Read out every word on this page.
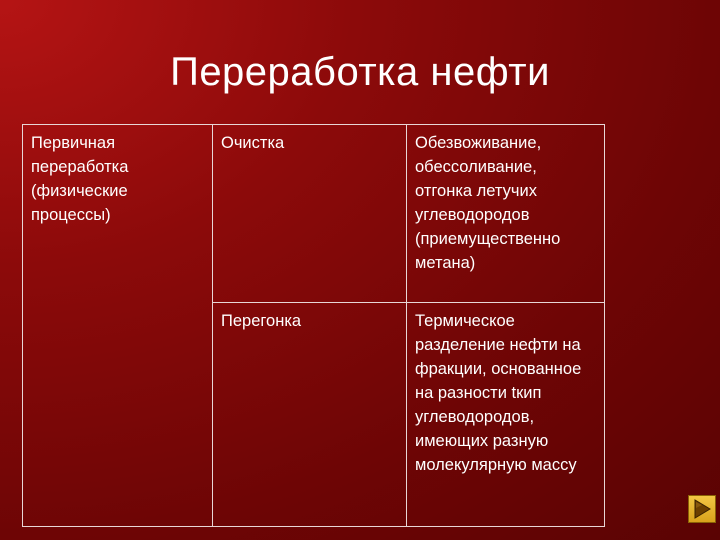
Переработка нефти
Первичная переработка (физические процессы)	Очистка	Обезвоживание, обессоливание, отгонка летучих углеводородов (приемущественно метана)

	Перегонка	Термическое разделение нефти на фракции, основанное на разности tкип углеводородов, имеющих разную молекулярную массу
